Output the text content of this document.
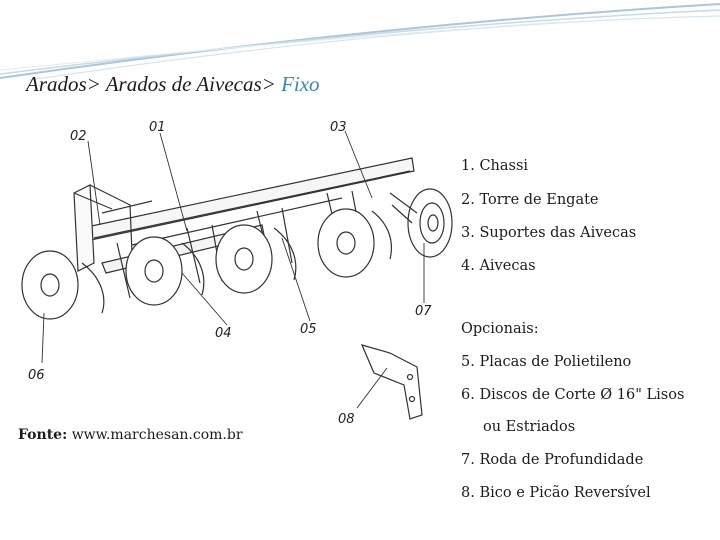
Arados> Arados de Aivecas> Fixo
01
02
03
04	05
06
07
08
Fonte: www.marchesan.com.br
1. Chassi
2. Torre de Engate
3. Suportes das Aivecas
4. Aivecas
Opcionais:
5. Placas de Polietileno
6. Discos de Corte Ø 16" Lisos
ou Estriados
7. Roda de Profundidade
8. Bico e Picão Reversível
